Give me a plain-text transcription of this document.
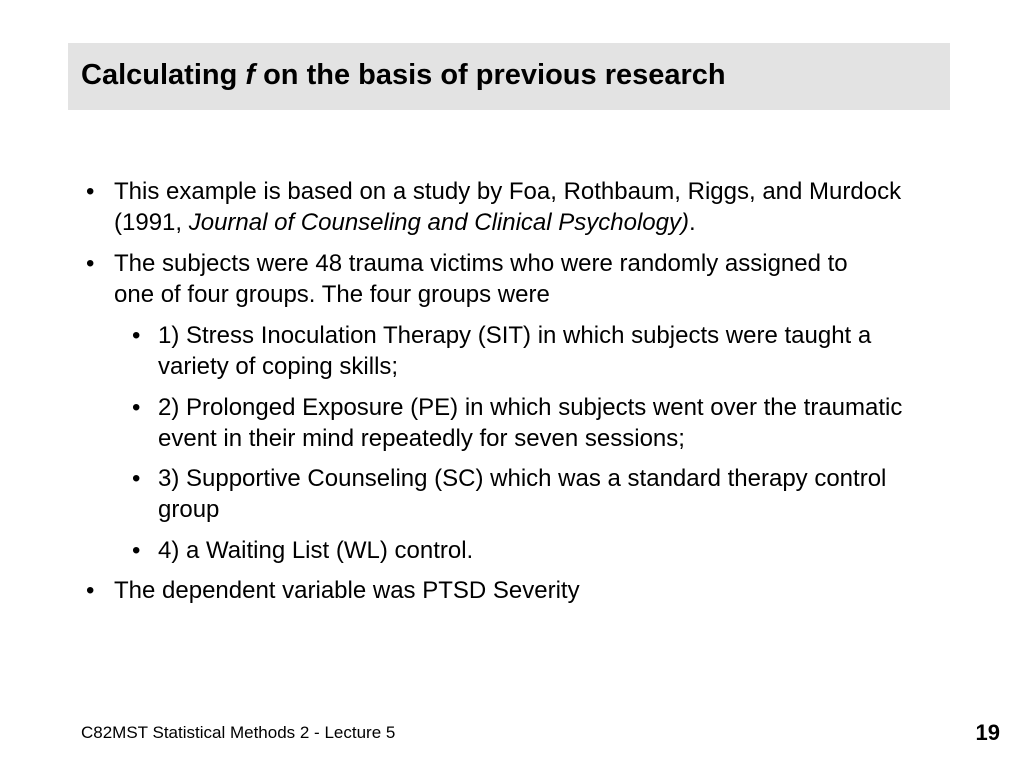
Calculating f on the basis of previous research

• This example is based on a study by Foa, Rothbaum, Riggs, and Murdock (1991, Journal of Counseling and Clinical Psychology).

• The subjects were 48 trauma victims who were randomly assigned to one of four groups. The four groups were

• 1) Stress Inoculation Therapy (SIT) in which subjects were taught a variety of coping skills;

• 2) Prolonged Exposure (PE) in which subjects went over the traumatic event in their mind repeatedly for seven sessions;

• 3) Supportive Counseling (SC) which was a standard therapy control group

• 4) a Waiting List (WL) control.

• The dependent variable was PTSD Severity

C82MST Statistical Methods 2 - Lecture 5	19
